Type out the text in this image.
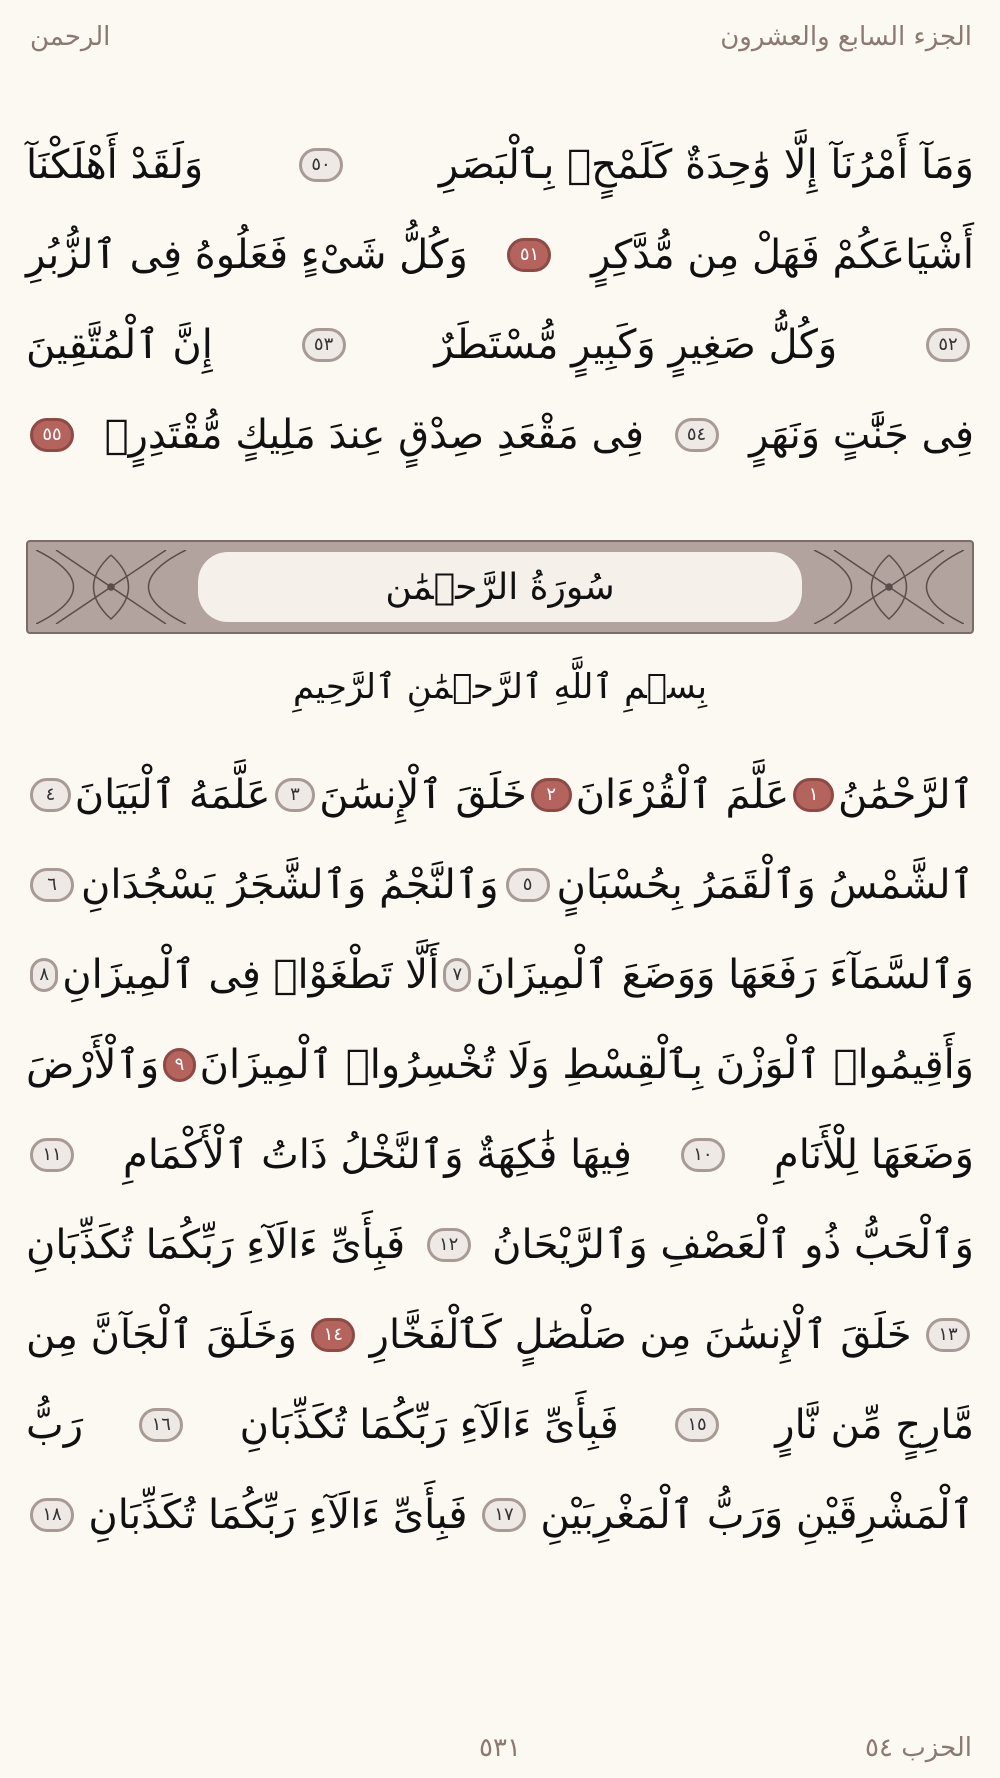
الجزء السابع والعشرون
الرحمن
وَمَآ أَمْرُنَآ إِلَّا وَٰحِدَةٌ كَلَمْحٍۭ بِٱلْبَصَرِ
٥٠
وَلَقَدْ أَهْلَكْنَآ
أَشْيَاعَكُمْ فَهَلْ مِن مُّدَّكِرٍ
٥١
وَكُلُّ شَىْءٍ فَعَلُوهُ فِى ٱلزُّبُرِ
٥٢
وَكُلُّ صَغِيرٍ وَكَبِيرٍ مُّسْتَطَرٌ
٥٣
إِنَّ ٱلْمُتَّقِينَ
فِى جَنَّٰتٍ وَنَهَرٍ
٥٤
فِى مَقْعَدِ صِدْقٍ عِندَ مَلِيكٍ مُّقْتَدِرٍۭ
٥٥
سُورَةُ الرَّحۡمَٰن
بِسۡمِ ٱللَّهِ ٱلرَّحۡمَٰنِ ٱلرَّحِيمِ
ٱلرَّحْمَٰنُ
١
عَلَّمَ ٱلْقُرْءَانَ
٢
خَلَقَ ٱلْإِنسَٰنَ
٣
عَلَّمَهُ ٱلْبَيَانَ
٤
ٱلشَّمْسُ وَٱلْقَمَرُ بِحُسْبَانٍ
٥
وَٱلنَّجْمُ وَٱلشَّجَرُ يَسْجُدَانِ
٦
وَٱلسَّمَآءَ رَفَعَهَا وَوَضَعَ ٱلْمِيزَانَ
٧
أَلَّا تَطْغَوْا۟ فِى ٱلْمِيزَانِ
٨
وَأَقِيمُوا۟ ٱلْوَزْنَ بِٱلْقِسْطِ وَلَا تُخْسِرُوا۟ ٱلْمِيزَانَ
٩
وَٱلْأَرْضَ
وَضَعَهَا لِلْأَنَامِ
١٠
فِيهَا فَٰكِهَةٌ وَٱلنَّخْلُ ذَاتُ ٱلْأَكْمَامِ
١١
وَٱلْحَبُّ ذُو ٱلْعَصْفِ وَٱلرَّيْحَانُ
١٢
فَبِأَىِّ ءَالَآءِ رَبِّكُمَا تُكَذِّبَانِ
١٣
خَلَقَ ٱلْإِنسَٰنَ مِن صَلْصَٰلٍ كَٱلْفَخَّارِ
١٤
وَخَلَقَ ٱلْجَآنَّ مِن
مَّارِجٍ مِّن نَّارٍ
١٥
فَبِأَىِّ ءَالَآءِ رَبِّكُمَا تُكَذِّبَانِ
١٦
رَبُّ
ٱلْمَشْرِقَيْنِ وَرَبُّ ٱلْمَغْرِبَيْنِ
١٧
فَبِأَىِّ ءَالَآءِ رَبِّكُمَا تُكَذِّبَانِ
١٨
الحزب ٥٤
٥٣١
